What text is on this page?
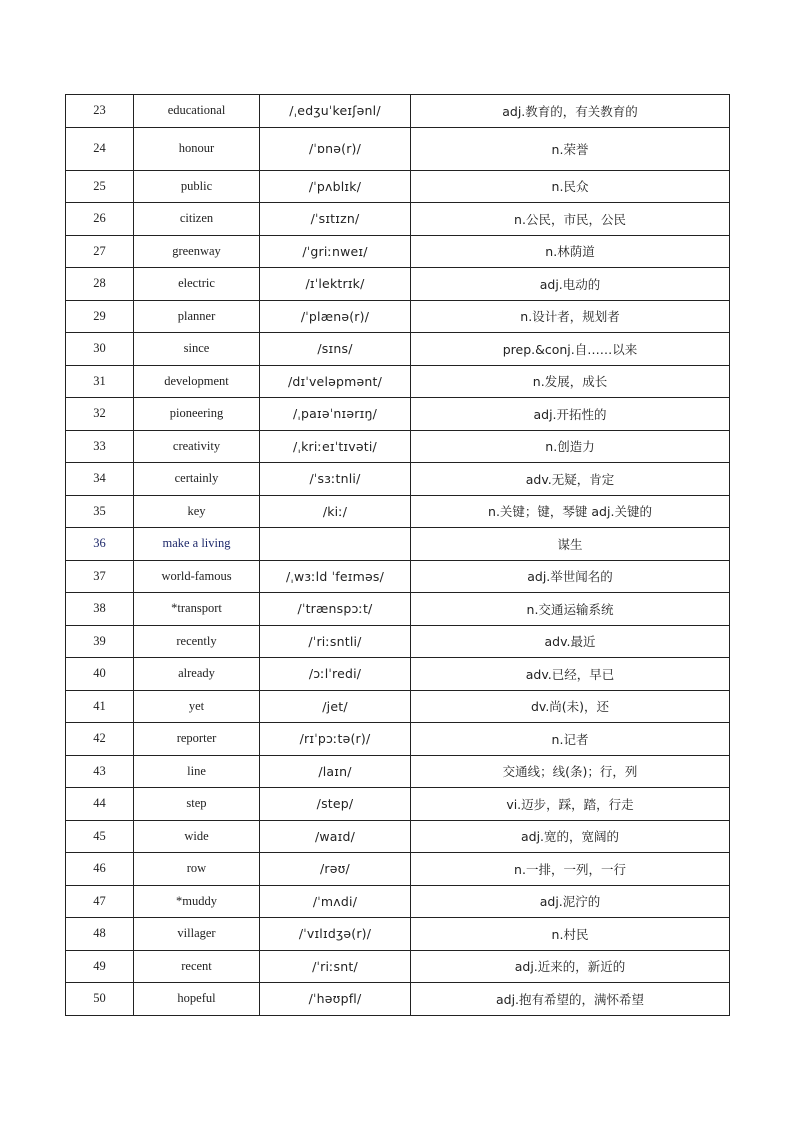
23	educational	/ˌedʒuˈkeɪʃənl/	adj.教育的，有关教育的
24	honour	/ˈɒnə(r)/	n.荣誉
25	public	/ˈpʌblɪk/	n.民众
26	citizen	/ˈsɪtɪzn/	n.公民，市民，公民
27	greenway	/ˈgriːnweɪ/	n.林荫道
28	electric	/ɪˈlektrɪk/	adj.电动的
29	planner	/ˈplænə(r)/	n.设计者，规划者
30	since	/sɪns/	prep.&conj.自……以来
31	development	/dɪˈveləpmənt/	n.发展，成长
32	pioneering	/ˌpaɪəˈnɪərɪŋ/	adj.开拓性的
33	creativity	/ˌkriːeɪˈtɪvəti/	n.创造力
34	certainly	/ˈsɜːtnli/	adv.无疑，肯定
35	key	/kiː/	n.关键；键，琴键 adj.关键的
36	make a living		谋生
37	world-famous	/ˌwɜːld ˈfeɪməs/	adj.举世闻名的
38	*transport	/ˈtrænspɔːt/	n.交通运输系统
39	recently	/ˈriːsntli/	adv.最近
40	already	/ɔːlˈredi/	adv.已经，早已
41	yet	/jet/	dv.尚(未)，还
42	reporter	/rɪˈpɔːtə(r)/	n.记者
43	line	/laɪn/	交通线；线(条)；行，列
44	step	/step/	vi.迈步，踩，踏，行走
45	wide	/waɪd/	adj.宽的，宽阔的
46	row	/rəʊ/	n.一排，一列，一行
47	*muddy	/ˈmʌdi/	adj.泥泞的
48	villager	/ˈvɪlɪdʒə(r)/	n.村民
49	recent	/ˈriːsnt/	adj.近来的，新近的
50	hopeful	/ˈhəʊpfl/	adj.抱有希望的，满怀希望
